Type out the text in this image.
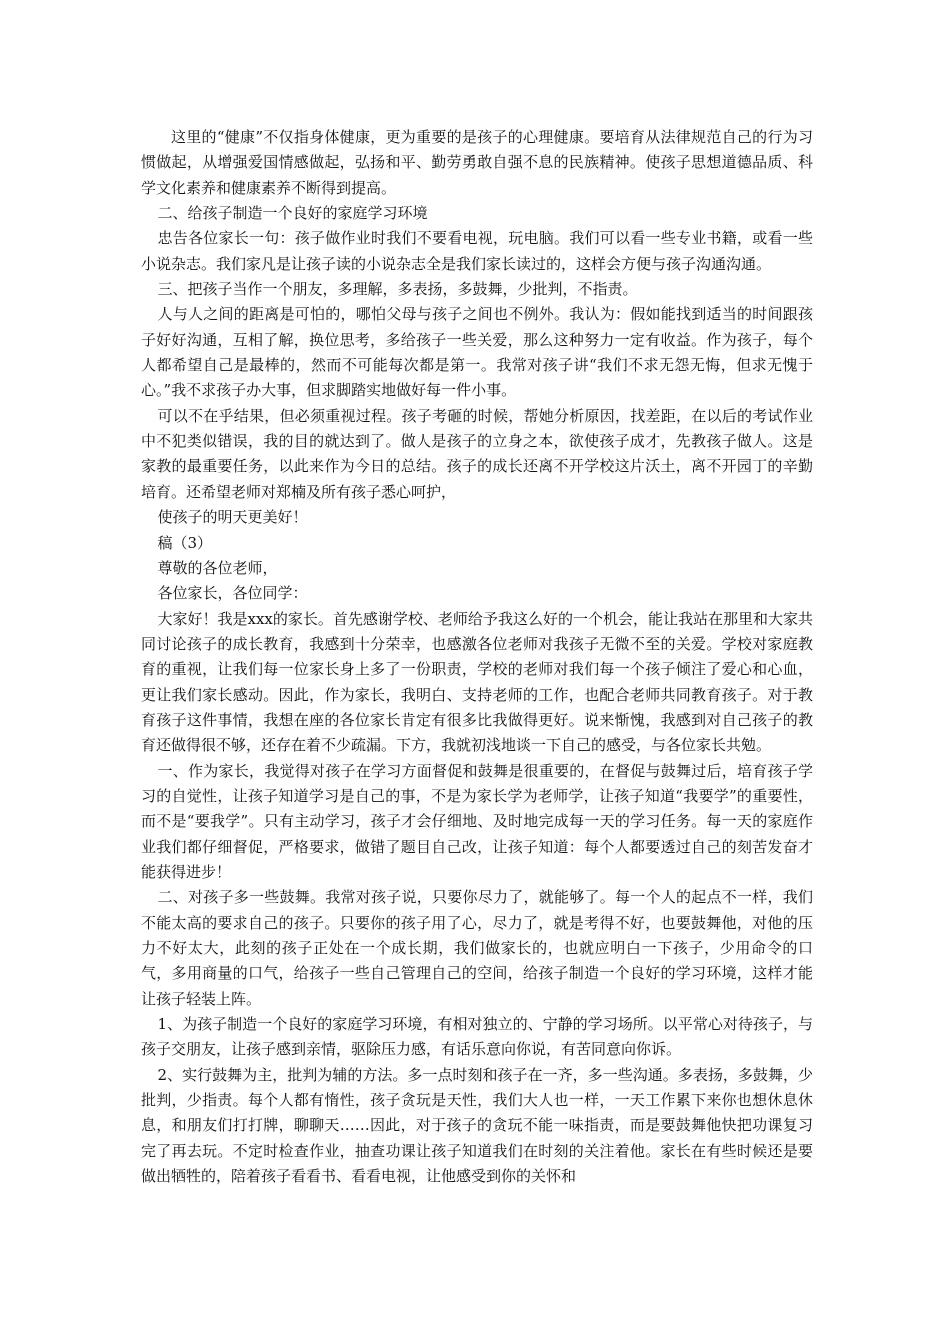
这里的“健康”不仅指身体健康，更为重要的是孩子的心理健康。要培育从法律规范自己的行为习惯做起，从增强爱国情感做起，弘扬和平、勤劳勇敢自强不息的民族精神。使孩子思想道德品质、科学文化素养和健康素养不断得到提高。

二、给孩子制造一个良好的家庭学习环境

忠告各位家长一句：孩子做作业时我们不要看电视，玩电脑。我们可以看一些专业书籍，或看一些小说杂志。我们家凡是让孩子读的小说杂志全是我们家长读过的，这样会方便与孩子沟通沟通。

三、把孩子当作一个朋友，多理解，多表扬，多鼓舞，少批判，不指责。

人与人之间的距离是可怕的，哪怕父母与孩子之间也不例外。我认为：假如能找到适当的时间跟孩子好好沟通，互相了解，换位思考，多给孩子一些关爱，那么这种努力一定有收益。作为孩子，每个人都希望自己是最棒的，然而不可能每次都是第一。我常对孩子讲“我们不求无怨无悔，但求无愧于心。”我不求孩子办大事，但求脚踏实地做好每一件小事。

可以不在乎结果，但必须重视过程。孩子考砸的时候，帮她分析原因，找差距，在以后的考试作业中不犯类似错误，我的目的就达到了。做人是孩子的立身之本，欲使孩子成才，先教孩子做人。这是家教的最重要任务，以此来作为今日的总结。孩子的成长还离不开学校这片沃土，离不开园丁的辛勤培育。还希望老师对郑楠及所有孩子悉心呵护，

使孩子的明天更美好！

稿（3）

尊敬的各位老师，

各位家长，各位同学：

大家好！我是xxx的家长。首先感谢学校、老师给予我这么好的一个机会，能让我站在那里和大家共同讨论孩子的成长教育，我感到十分荣幸，也感激各位老师对我孩子无微不至的关爱。学校对家庭教育的重视，让我们每一位家长身上多了一份职责，学校的老师对我们每一个孩子倾注了爱心和心血，更让我们家长感动。因此，作为家长，我明白、支持老师的工作，也配合老师共同教育孩子。对于教育孩子这件事情，我想在座的各位家长肯定有很多比我做得更好。说来惭愧，我感到对自己孩子的教育还做得很不够，还存在着不少疏漏。下方，我就初浅地谈一下自己的感受，与各位家长共勉。

一、作为家长，我觉得对孩子在学习方面督促和鼓舞是很重要的，在督促与鼓舞过后，培育孩子学习的自觉性，让孩子知道学习是自己的事，不是为家长学为老师学，让孩子知道“我要学”的重要性，而不是“要我学”。只有主动学习，孩子才会仔细地、及时地完成每一天的学习任务。每一天的家庭作业我们都仔细督促，严格要求，做错了题目自己改，让孩子知道：每个人都要透过自己的刻苦发奋才能获得进步！

二、对孩子多一些鼓舞。我常对孩子说，只要你尽力了，就能够了。每一个人的起点不一样，我们不能太高的要求自己的孩子。只要你的孩子用了心，尽力了，就是考得不好，也要鼓舞他，对他的压力不好太大，此刻的孩子正处在一个成长期，我们做家长的，也就应明白一下孩子，少用命令的口气，多用商量的口气，给孩子一些自己管理自己的空间，给孩子制造一个良好的学习环境，这样才能让孩子轻装上阵。

1、为孩子制造一个良好的家庭学习环境，有相对独立的、宁静的学习场所。以平常心对待孩子，与孩子交朋友，让孩子感到亲情，驱除压力感，有话乐意向你说，有苦同意向你诉。

2、实行鼓舞为主，批判为辅的方法。多一点时刻和孩子在一齐，多一些沟通。多表扬，多鼓舞，少批判，少指责。每个人都有惰性，孩子贪玩是天性，我们大人也一样，一天工作累下来你也想休息休息，和朋友们打打牌，聊聊天……因此，对于孩子的贪玩不能一味指责，而是要鼓舞他快把功课复习完了再去玩。不定时检查作业，抽查功课让孩子知道我们在时刻的关注着他。家长在有些时候还是要做出牺牲的，陪着孩子看看书、看看电视，让他感受到你的关怀和
